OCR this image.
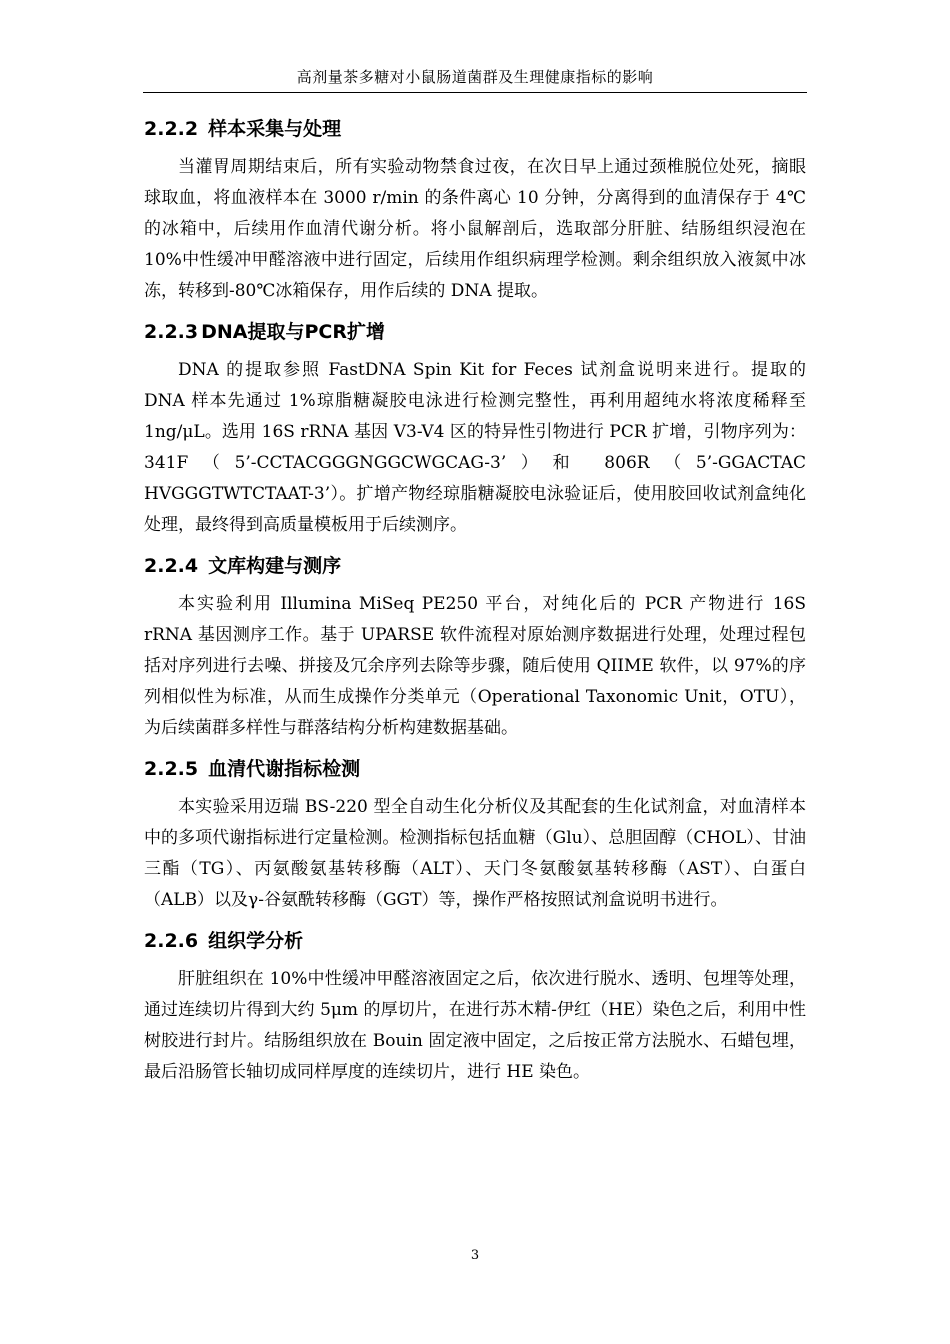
高剂量茶多糖对小鼠肠道菌群及生理健康指标的影响
2.2.2 样本采集与处理

当灌胃周期结束后，所有实验动物禁食过夜，在次日早上通过颈椎脱位处死，摘眼球取血，将血液样本在 3000 r/min 的条件离心 10 分钟，分离得到的血清保存于 4℃的冰箱中，后续用作血清代谢分析。将小鼠解剖后，选取部分肝脏、结肠组织浸泡在 10%中性缓冲甲醛溶液中进行固定，后续用作组织病理学检测。剩余组织放入液氮中冰冻，转移到-80℃冰箱保存，用作后续的 DNA 提取。

2.2.3 DNA提取与PCR扩增

DNA 的提取参照 FastDNA Spin Kit for Feces 试剂盒说明来进行。提取的 DNA 样本先通过 1%琼脂糖凝胶电泳进行检测完整性，再利用超纯水将浓度稀释至 1ng/μL。选用 16S rRNA 基因 V3-V4 区的特异性引物进行 PCR 扩增，引物序列为：341F（5’-CCTACGGGNGGCWGCAG-3’）和 806R（5’-GGACTAC HVGGGTWTCTAAT-3’）。扩增产物经琼脂糖凝胶电泳验证后，使用胶回收试剂盒纯化处理，最终得到高质量模板用于后续测序。

2.2.4 文库构建与测序

本实验利用 Illumina MiSeq PE250 平台，对纯化后的 PCR 产物进行 16S rRNA 基因测序工作。基于 UPARSE 软件流程对原始测序数据进行处理，处理过程包括对序列进行去噪、拼接及冗余序列去除等步骤，随后使用 QIIME 软件，以 97%的序列相似性为标准，从而生成操作分类单元（Operational Taxonomic Unit，OTU），为后续菌群多样性与群落结构分析构建数据基础。

2.2.5 血清代谢指标检测

本实验采用迈瑞 BS-220 型全自动生化分析仪及其配套的生化试剂盒，对血清样本中的多项代谢指标进行定量检测。检测指标包括血糖（Glu）、总胆固醇（CHOL）、甘油三酯（TG）、丙氨酸氨基转移酶（ALT）、天门冬氨酸氨基转移酶（AST）、白蛋白（ALB）以及γ-谷氨酰转移酶（GGT）等，操作严格按照试剂盒说明书进行。

2.2.6 组织学分析

肝脏组织在 10%中性缓冲甲醛溶液固定之后，依次进行脱水、透明、包埋等处理，通过连续切片得到大约 5μm 的厚切片，在进行苏木精-伊红（HE）染色之后，利用中性树胶进行封片。结肠组织放在 Bouin 固定液中固定，之后按正常方法脱水、石蜡包埋，最后沿肠管长轴切成同样厚度的连续切片，进行 HE 染色。

3
